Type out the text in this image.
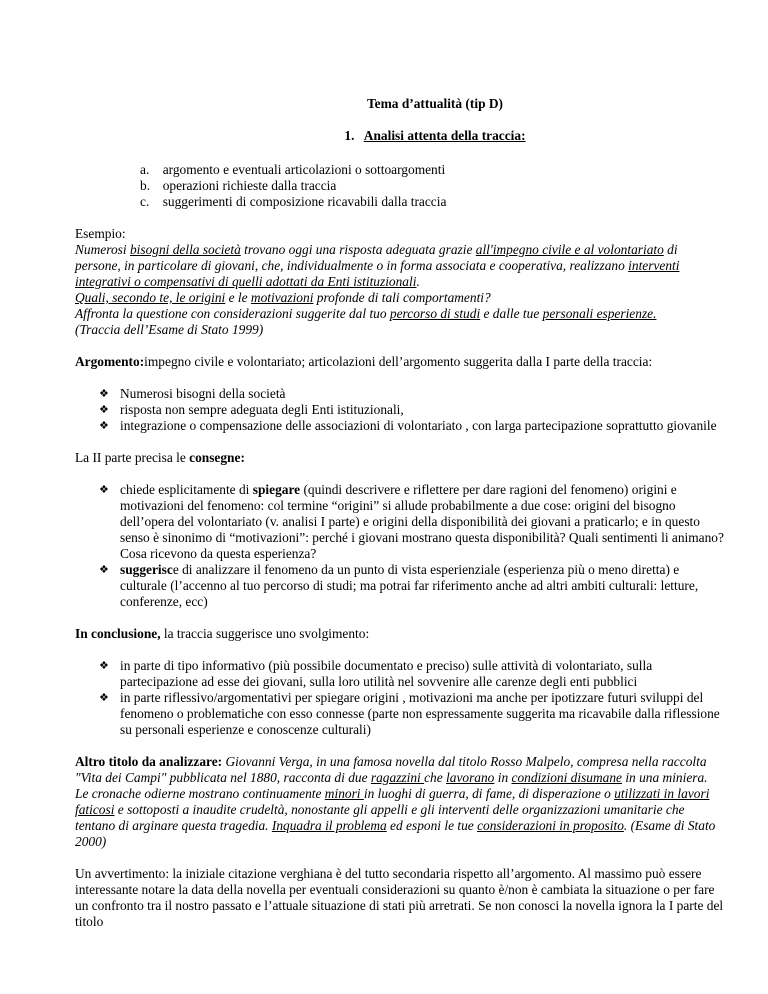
Tema d’attualità (tip D)

1. Analisi attenta della traccia:

a.
	argomento e eventuali articolazioni o sottoargomenti
b.
operazioni richieste dalla traccia
c.
	suggerimenti di composizione ricavabili dalla traccia

Esempio:

Numerosi bisogni della società trovano oggi una risposta adeguata grazie all'impegno civile e al volontariato di persone, in particolare di giovani, che, individualmente o in forma associata e cooperativa, realizzano interventi integrativi o compensativi di quelli adottati da Enti istituzionali.

Quali, secondo te, le origini e le motivazioni profonde di tali comportamenti?

Affronta la questione con considerazioni suggerite dal tuo percorso di studi e dalle tue personali esperienze.

(Traccia dell’Esame di Stato 1999)

Argomento:impegno civile e volontariato; articolazioni dell’argomento suggerita dalla I parte della traccia:

❖ Numerosi bisogni della società
❖ risposta non sempre adeguata degli Enti istituzionali,
❖ integrazione o compensazione delle associazioni di volontariato , con larga partecipazione soprattutto giovanile

La II parte precisa le consegne:

❖ chiede esplicitamente di spiegare (quindi descrivere e riflettere per dare ragioni del fenomeno) origini e motivazioni del fenomeno: col termine “origini” si allude probabilmente a due cose: origini del bisogno dell’opera del volontariato (v. analisi I parte) e origini della disponibilità dei giovani a praticarlo; e in questo senso è sinonimo di “motivazioni”: perché i giovani mostrano questa disponibilità? Quali sentimenti li animano? Cosa ricevono da questa esperienza?
❖ suggerisce di analizzare il fenomeno da un punto di vista esperienziale (esperienza più o meno diretta) e culturale (l’accenno al tuo percorso di studi; ma potrai far riferimento anche ad altri ambiti culturali: letture, conferenze, ecc)

In conclusione, la traccia suggerisce uno svolgimento:

❖ in parte di tipo informativo (più possibile documentato e preciso) sulle attività di volontariato, sulla partecipazione ad esse dei giovani, sulla loro utilità nel sovvenire alle carenze degli enti pubblici
❖ in parte riflessivo/argomentativi per spiegare origini , motivazioni ma anche per ipotizzare futuri sviluppi del fenomeno o problematiche con esso connesse (parte non espressamente suggerita ma ricavabile dalla riflessione su personali esperienze e conoscenze culturali)

Altro titolo da analizzare: Giovanni Verga, in una famosa novella dal titolo Rosso Malpelo, compresa nella raccolta "Vita dei Campi" pubblicata nel 1880, racconta di due ragazzini che lavorano in condizioni disumane in una miniera.

Le cronache odierne mostrano continuamente minori in luoghi di guerra, di fame, di disperazione o utilizzati in lavori faticosi e sottoposti a inaudite crudeltà, nonostante gli appelli e gli interventi delle organizzazioni umanitarie che tentano di arginare questa tragedia. Inquadra il problema ed esponi le tue considerazioni in proposito. (Esame di Stato 2000)

Un avvertimento: la iniziale citazione verghiana è del tutto secondaria rispetto all’argomento. Al massimo può essere interessante notare la data della novella per eventuali considerazioni su quanto è/non è cambiata la situazione o per fare un confronto tra il nostro passato e l’attuale situazione di stati più arretrati. Se non conosci la novella ignora la I parte del titolo
